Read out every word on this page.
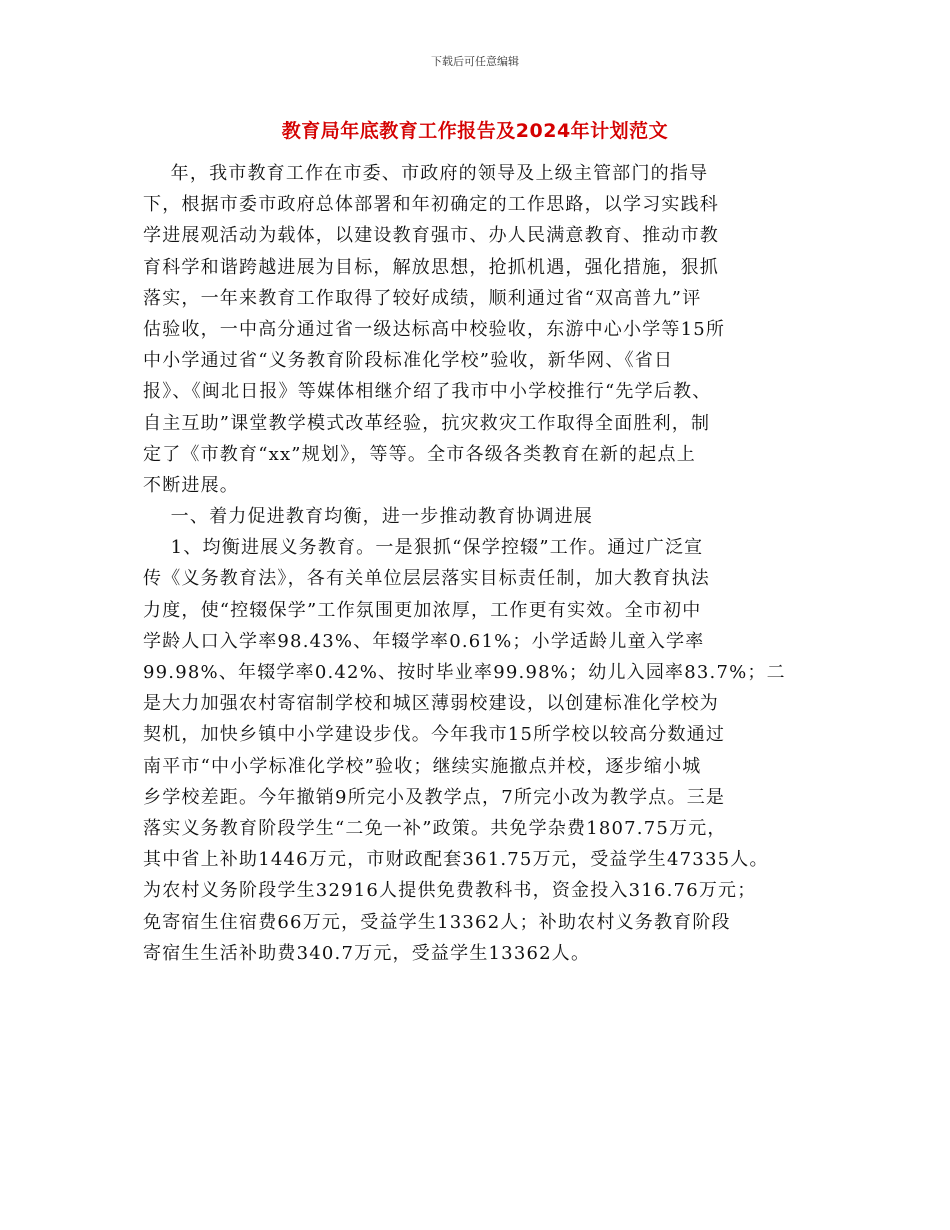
下载后可任意编辑
教育局年底教育工作报告及2024年计划范文
年，我市教育工作在市委、市政府的领导及上级主管部门的指导
下，根据市委市政府总体部署和年初确定的工作思路，以学习实践科
学进展观活动为载体，以建设教育强市、办人民满意教育、推动市教
育科学和谐跨越进展为目标，解放思想，抢抓机遇，强化措施，狠抓
落实，一年来教育工作取得了较好成绩，顺利通过省“双高普九”评
估验收，一中高分通过省一级达标高中校验收，东游中心小学等15所
中小学通过省“义务教育阶段标准化学校”验收，新华网、《省日
报》、《闽北日报》等媒体相继介绍了我市中小学校推行“先学后教、
自主互助”课堂教学模式改革经验，抗灾救灾工作取得全面胜利，制
定了《市教育“xx”规划》，等等。全市各级各类教育在新的起点上
不断进展。
一、着力促进教育均衡，进一步推动教育协调进展
1、均衡进展义务教育。一是狠抓“保学控辍”工作。通过广泛宣
传《义务教育法》，各有关单位层层落实目标责任制，加大教育执法
力度，使“控辍保学”工作氛围更加浓厚，工作更有实效。全市初中
学龄人口入学率98.43%、年辍学率0.61%；小学适龄儿童入学率
99.98%、年辍学率0.42%、按时毕业率99.98%；幼儿入园率83.7%；二
是大力加强农村寄宿制学校和城区薄弱校建设，以创建标准化学校为
契机，加快乡镇中小学建设步伐。今年我市15所学校以较高分数通过
南平市“中小学标准化学校”验收；继续实施撤点并校，逐步缩小城
乡学校差距。今年撤销9所完小及教学点，7所完小改为教学点。三是
落实义务教育阶段学生“二免一补”政策。共免学杂费1807.75万元，
其中省上补助1446万元，市财政配套361.75万元，受益学生47335人。
为农村义务阶段学生32916人提供免费教科书，资金投入316.76万元；
免寄宿生住宿费66万元，受益学生13362人；补助农村义务教育阶段
寄宿生生活补助费340.7万元，受益学生13362人。
